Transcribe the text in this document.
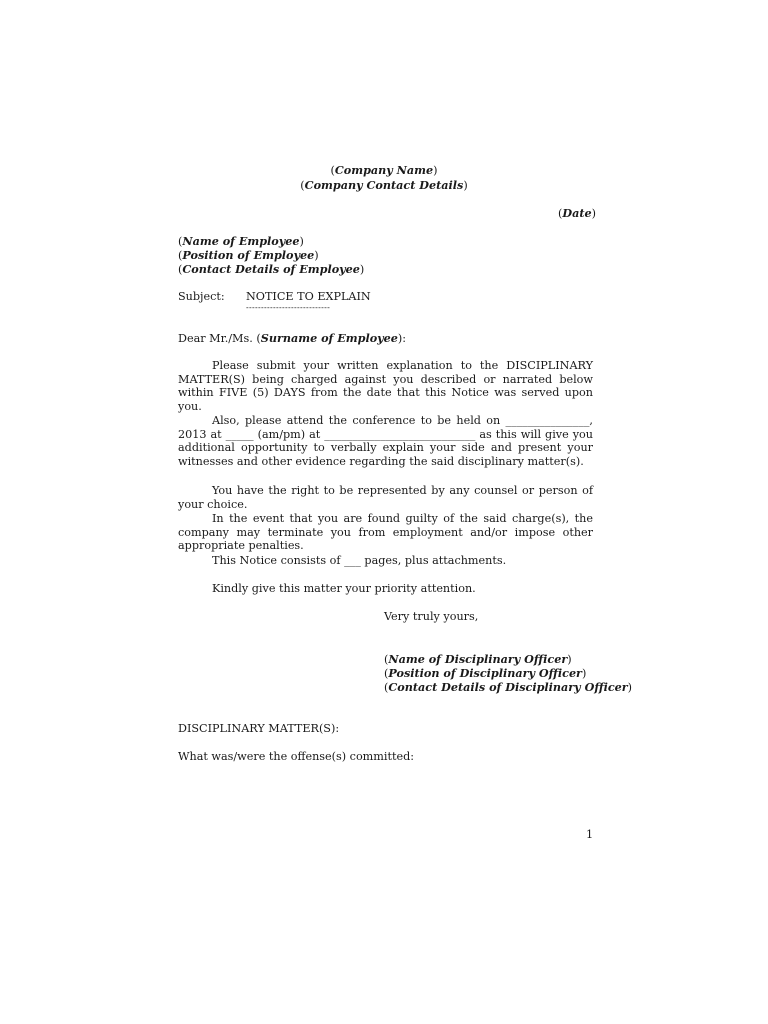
(Company Name)
(Company Contact Details)
(Date)
(Name of Employee)
(Position of Employee)
(Contact Details of Employee)
Subject: NOTICE TO EXPLAIN
----------------------------
Dear Mr./Ms. (Surname of Employee):
Please submit your written explanation to the DISCIPLINARY MATTER(S) being charged against you described or narrated below within FIVE (5) DAYS from the date that this Notice was served upon you.
Also, please attend the conference to be held on _______________, 2013 at _____ (am/pm) at ___________________________ as this will give you additional opportunity to verbally explain your side and present your witnesses and other evidence regarding the said disciplinary matter(s).
You have the right to be represented by any counsel or person of your choice.
In the event that you are found guilty of the said charge(s), the company may terminate you from employment and/or impose other appropriate penalties.
This Notice consists of ___ pages, plus attachments.
Kindly give this matter your priority attention.
Very truly yours,
(Name of Disciplinary Officer)
(Position of Disciplinary Officer)
(Contact Details of Disciplinary Officer)
DISCIPLINARY MATTER(S):
What was/were the offense(s) committed:
1
